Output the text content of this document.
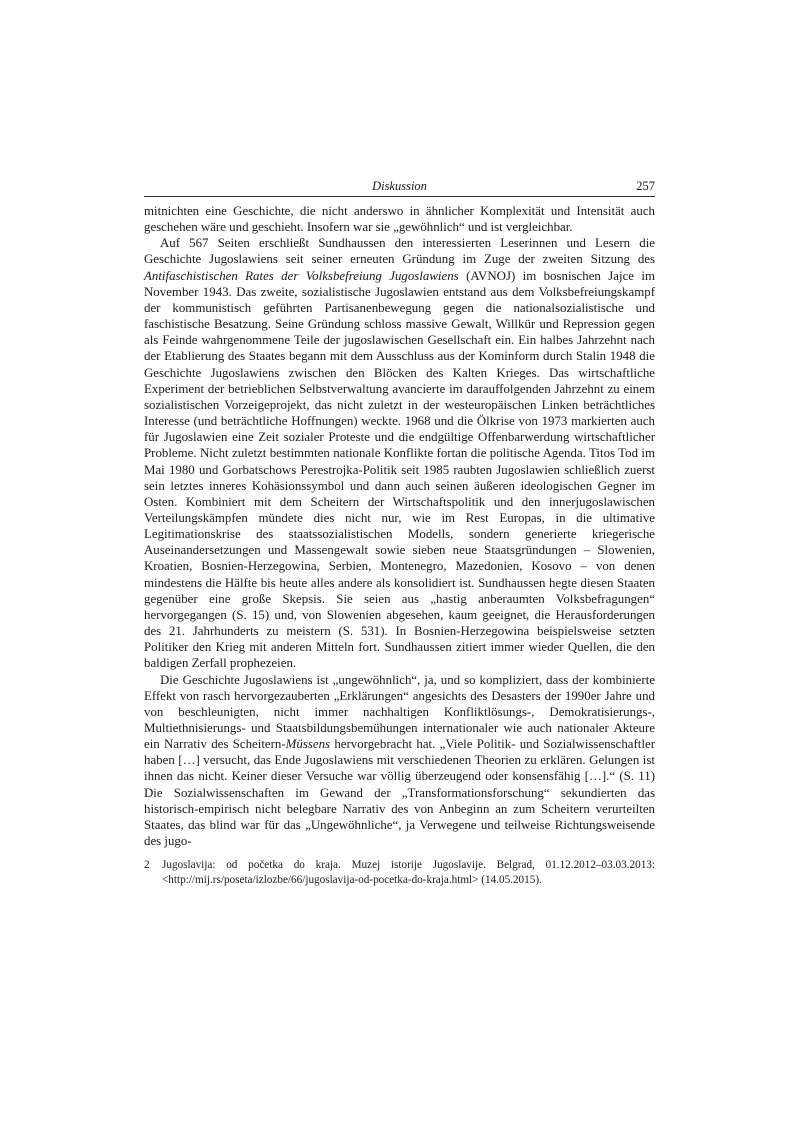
Diskussion	257

mitnichten eine Geschichte, die nicht anderswo in ähnlicher Komplexität und Intensität auch geschehen wäre und geschieht. Insofern war sie „gewöhnlich“ und ist vergleichbar.

Auf 567 Seiten erschließt Sundhaussen den interessierten Leserinnen und Lesern die Geschichte Jugoslawiens seit seiner erneuten Gründung im Zuge der zweiten Sitzung des Antifaschistischen Rates der Volksbefreiung Jugoslawiens (AVNOJ) im bosnischen Jajce im November 1943. Das zweite, sozialistische Jugoslawien entstand aus dem Volksbefreiungskampf der kommunistisch geführten Partisanenbewegung gegen die nationalsozialistische und faschistische Besatzung. Seine Gründung schloss massive Gewalt, Willkür und Repression gegen als Feinde wahrgenommene Teile der jugoslawischen Gesellschaft ein. Ein halbes Jahrzehnt nach der Etablierung des Staates begann mit dem Ausschluss aus der Kominform durch Stalin 1948 die Geschichte Jugoslawiens zwischen den Blöcken des Kalten Krieges. Das wirtschaftliche Experiment der betrieblichen Selbstverwaltung avancierte im darauffolgenden Jahrzehnt zu einem sozialistischen Vorzeigeprojekt, das nicht zuletzt in der westeuropäischen Linken beträchtliches Interesse (und beträchtliche Hoffnungen) weckte. 1968 und die Ölkrise von 1973 markierten auch für Jugoslawien eine Zeit sozialer Proteste und die endgültige Offenbarwerdung wirtschaftlicher Probleme. Nicht zuletzt bestimmten nationale Konflikte fortan die politische Agenda. Titos Tod im Mai 1980 und Gorbatschows Perestrojka-Politik seit 1985 raubten Jugoslawien schließlich zuerst sein letztes inneres Kohäsionssymbol und dann auch seinen äußeren ideologischen Gegner im Osten. Kombiniert mit dem Scheitern der Wirtschaftspolitik und den innerjugoslawischen Verteilungskämpfen mündete dies nicht nur, wie im Rest Europas, in die ultimative Legitimationskrise des staatssozialistischen Modells, sondern generierte kriegerische Auseinandersetzungen und Massengewalt sowie sieben neue Staatsgründungen – Slowenien, Kroatien, Bosnien-Herzegowina, Serbien, Montenegro, Mazedonien, Kosovo – von denen mindestens die Hälfte bis heute alles andere als konsolidiert ist. Sundhaussen hegte diesen Staaten gegenüber eine große Skepsis. Sie seien aus „hastig anberaumten Volksbefragungen“ hervorgegangen (S. 15) und, von Slowenien abgesehen, kaum geeignet, die Herausforderungen des 21. Jahrhunderts zu meistern (S. 531). In Bosnien-Herzegowina beispielsweise setzten Politiker den Krieg mit anderen Mitteln fort. Sundhaussen zitiert immer wieder Quellen, die den baldigen Zerfall prophezeien.

Die Geschichte Jugoslawiens ist „ungewöhnlich“, ja, und so kompliziert, dass der kombinierte Effekt von rasch hervorgezauberten „Erklärungen“ angesichts des Desasters der 1990er Jahre und von beschleunigten, nicht immer nachhaltigen Konfliktlösungs-, Demokratisierungs-, Multiethnisierungs- und Staatsbildungsbemühungen internationaler wie auch nationaler Akteure ein Narrativ des Scheitern-Müssens hervorgebracht hat. „Viele Politik- und Sozialwissenschaftler haben […] versucht, das Ende Jugoslawiens mit verschiedenen Theorien zu erklären. Gelungen ist ihnen das nicht. Keiner dieser Versuche war völlig überzeugend oder konsensfähig […].“ (S. 11) Die Sozialwissenschaften im Gewand der „Transformationsforschung“ sekundierten das historisch-empirisch nicht belegbare Narrativ des von Anbeginn an zum Scheitern verurteilten Staates, das blind war für das „Ungewöhnliche“, ja Verwegene und teilweise Richtungsweisende des jugo-

2	Jugoslavija: od početka do kraja. Muzej istorije Jugoslavije. Belgrad, 01.12.2012–03.03.2013: <http://mij.rs/poseta/izlozbe/66/jugoslavija-od-pocetka-do-kraja.html> (14.05.2015).
